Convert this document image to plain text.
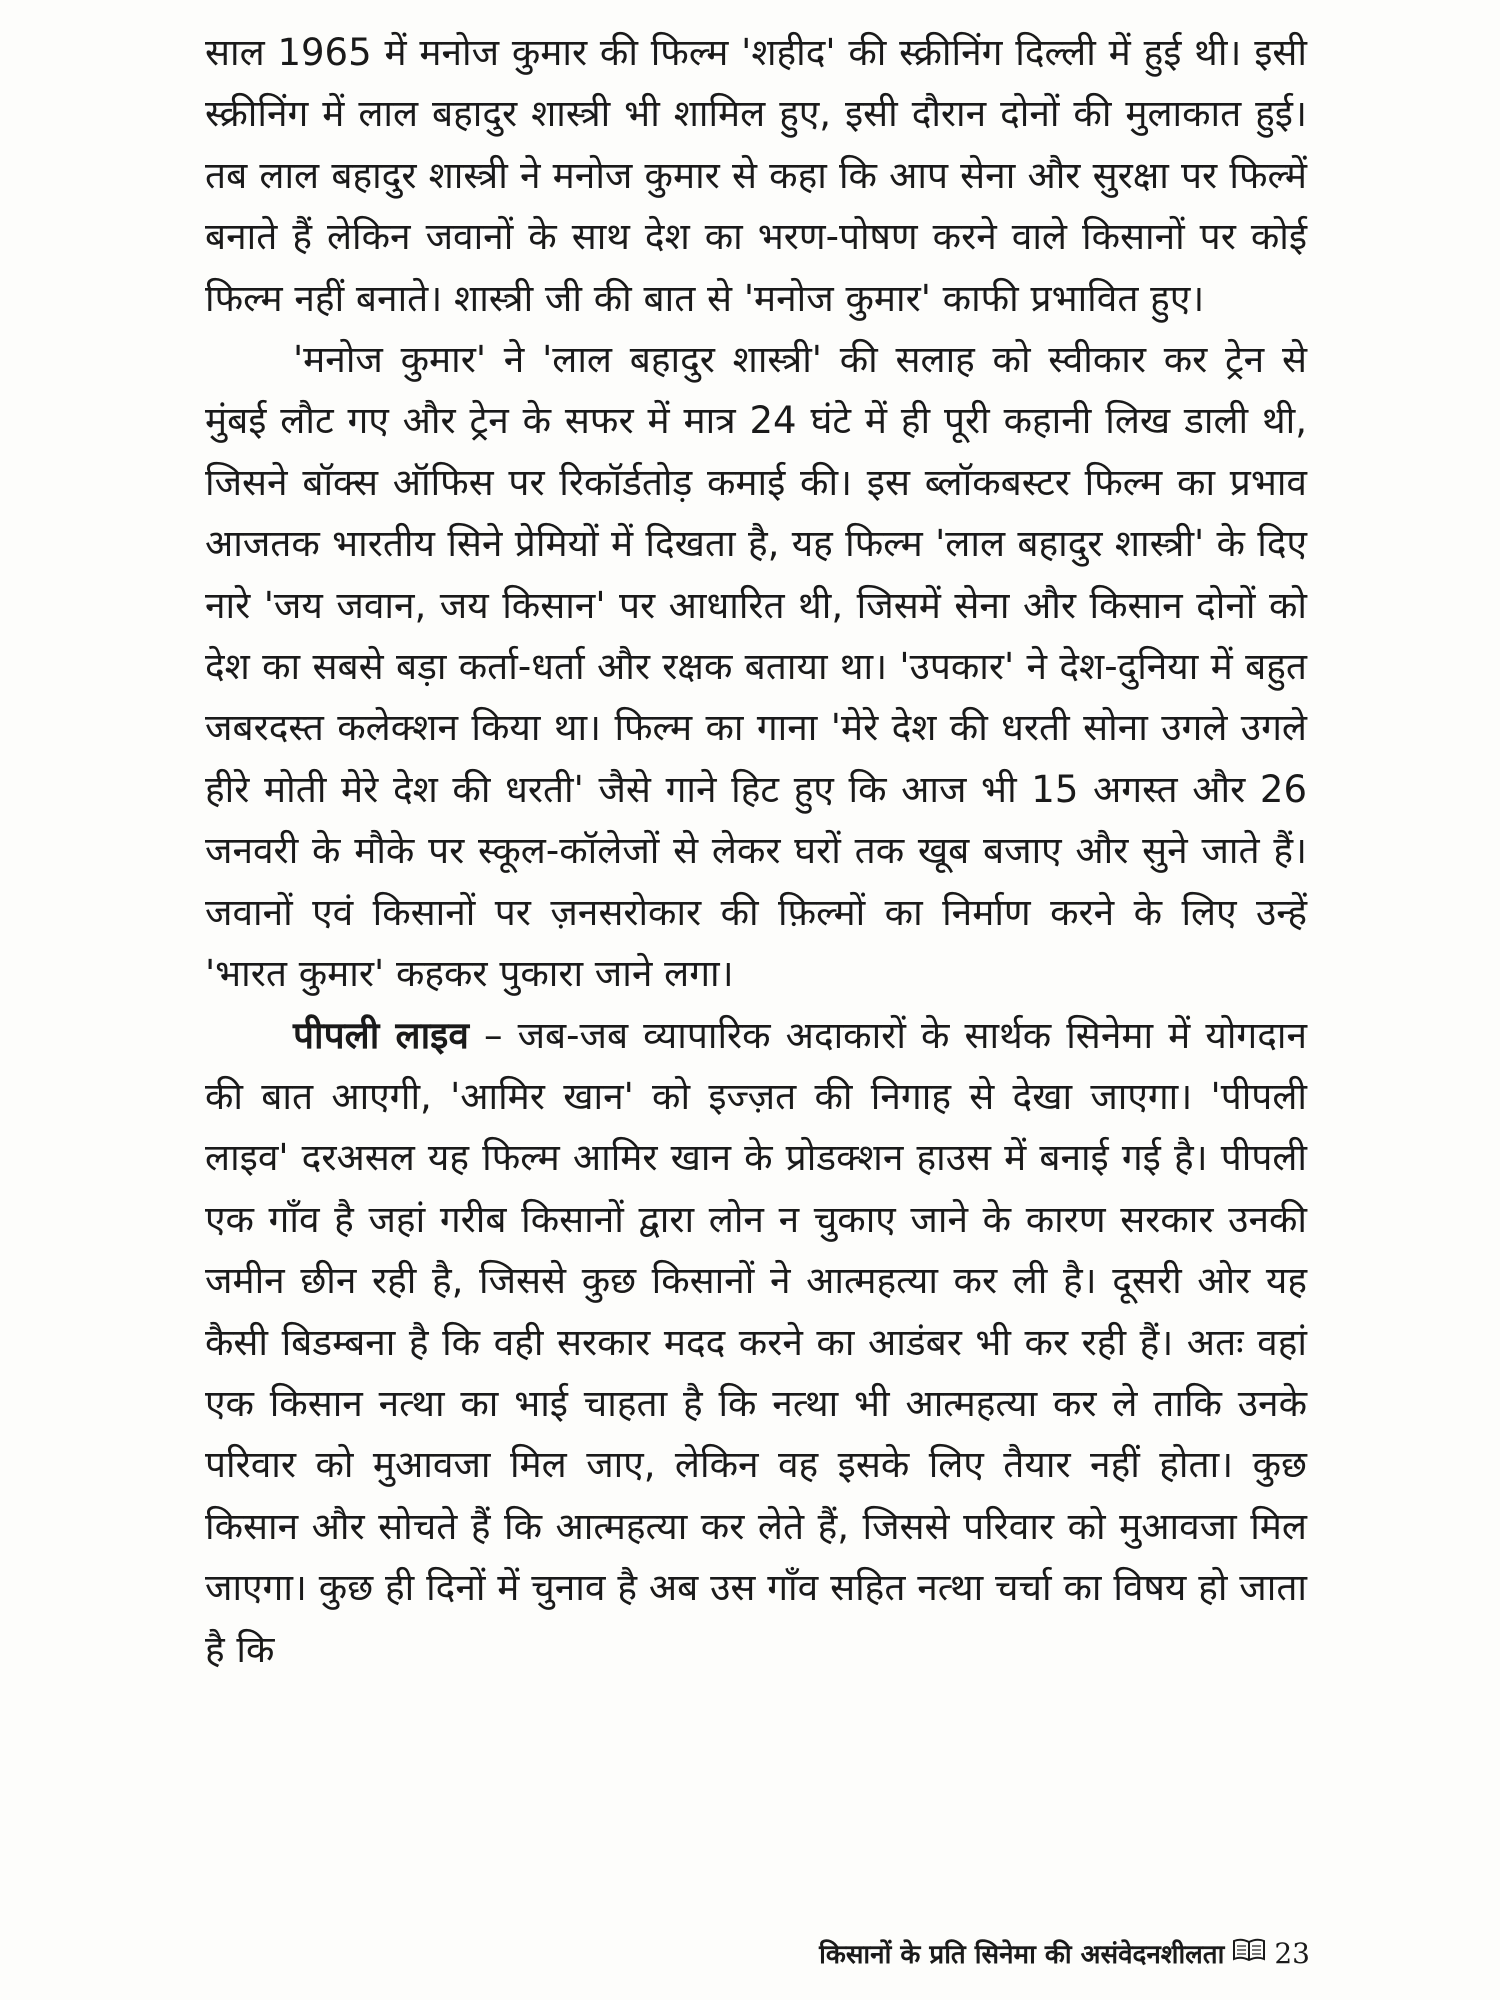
साल 1965 में मनोज कुमार की फिल्म 'शहीद' की स्क्रीनिंग दिल्ली में हुई थी। इसी स्क्रीनिंग में लाल बहादुर शास्त्री भी शामिल हुए, इसी दौरान दोनों की मुलाकात हुई। तब लाल बहादुर शास्त्री ने मनोज कुमार से कहा कि आप सेना और सुरक्षा पर फिल्में बनाते हैं लेकिन जवानों के साथ देश का भरण-पोषण करने वाले किसानों पर कोई फिल्म नहीं बनाते। शास्त्री जी की बात से 'मनोज कुमार' काफी प्रभावित हुए।

'मनोज कुमार' ने 'लाल बहादुर शास्त्री' की सलाह को स्वीकार कर ट्रेन से मुंबई लौट गए और ट्रेन के सफर में मात्र 24 घंटे में ही पूरी कहानी लिख डाली थी, जिसने बॉक्स ऑफिस पर रिकॉर्डतोड़ कमाई की। इस ब्लॉकबस्टर फिल्म का प्रभाव आजतक भारतीय सिने प्रेमियों में दिखता है, यह फिल्म 'लाल बहादुर शास्त्री' के दिए नारे 'जय जवान, जय किसान' पर आधारित थी, जिसमें सेना और किसान दोनों को देश का सबसे बड़ा कर्ता-धर्ता और रक्षक बताया था। 'उपकार' ने देश-दुनिया में बहुत जबरदस्त कलेक्शन किया था। फिल्म का गाना 'मेरे देश की धरती सोना उगले उगले हीरे मोती मेरे देश की धरती' जैसे गाने हिट हुए कि आज भी 15 अगस्त और 26 जनवरी के मौके पर स्कूल-कॉलेजों से लेकर घरों तक खूब बजाए और सुने जाते हैं। जवानों एवं किसानों पर ज़नसरोकार की फ़िल्मों का निर्माण करने के लिए उन्हें 'भारत कुमार' कहकर पुकारा जाने लगा।

पीपली लाइव – जब-जब व्यापारिक अदाकारों के सार्थक सिनेमा में योगदान की बात आएगी, 'आमिर खान' को इज्ज़त की निगाह से देखा जाएगा। 'पीपली लाइव' दरअसल यह फिल्म आमिर खान के प्रोडक्शन हाउस में बनाई गई है। पीपली एक गाँव है जहां गरीब किसानों द्वारा लोन न चुकाए जाने के कारण सरकार उनकी जमीन छीन रही है, जिससे कुछ किसानों ने आत्महत्या कर ली है। दूसरी ओर यह कैसी बिडम्बना है कि वही सरकार मदद करने का आडंबर भी कर रही हैं। अतः वहां एक किसान नत्था का भाई चाहता है कि नत्था भी आत्महत्या कर ले ताकि उनके परिवार को मुआवजा मिल जाए, लेकिन वह इसके लिए तैयार नहीं होता। कुछ किसान और सोचते हैं कि आत्महत्या कर लेते हैं, जिससे परिवार को मुआवजा मिल जाएगा। कुछ ही दिनों में चुनाव है अब उस गाँव सहित नत्था चर्चा का विषय हो जाता है कि

किसानों के प्रति सिनेमा की असंवेदनशीलता 23
